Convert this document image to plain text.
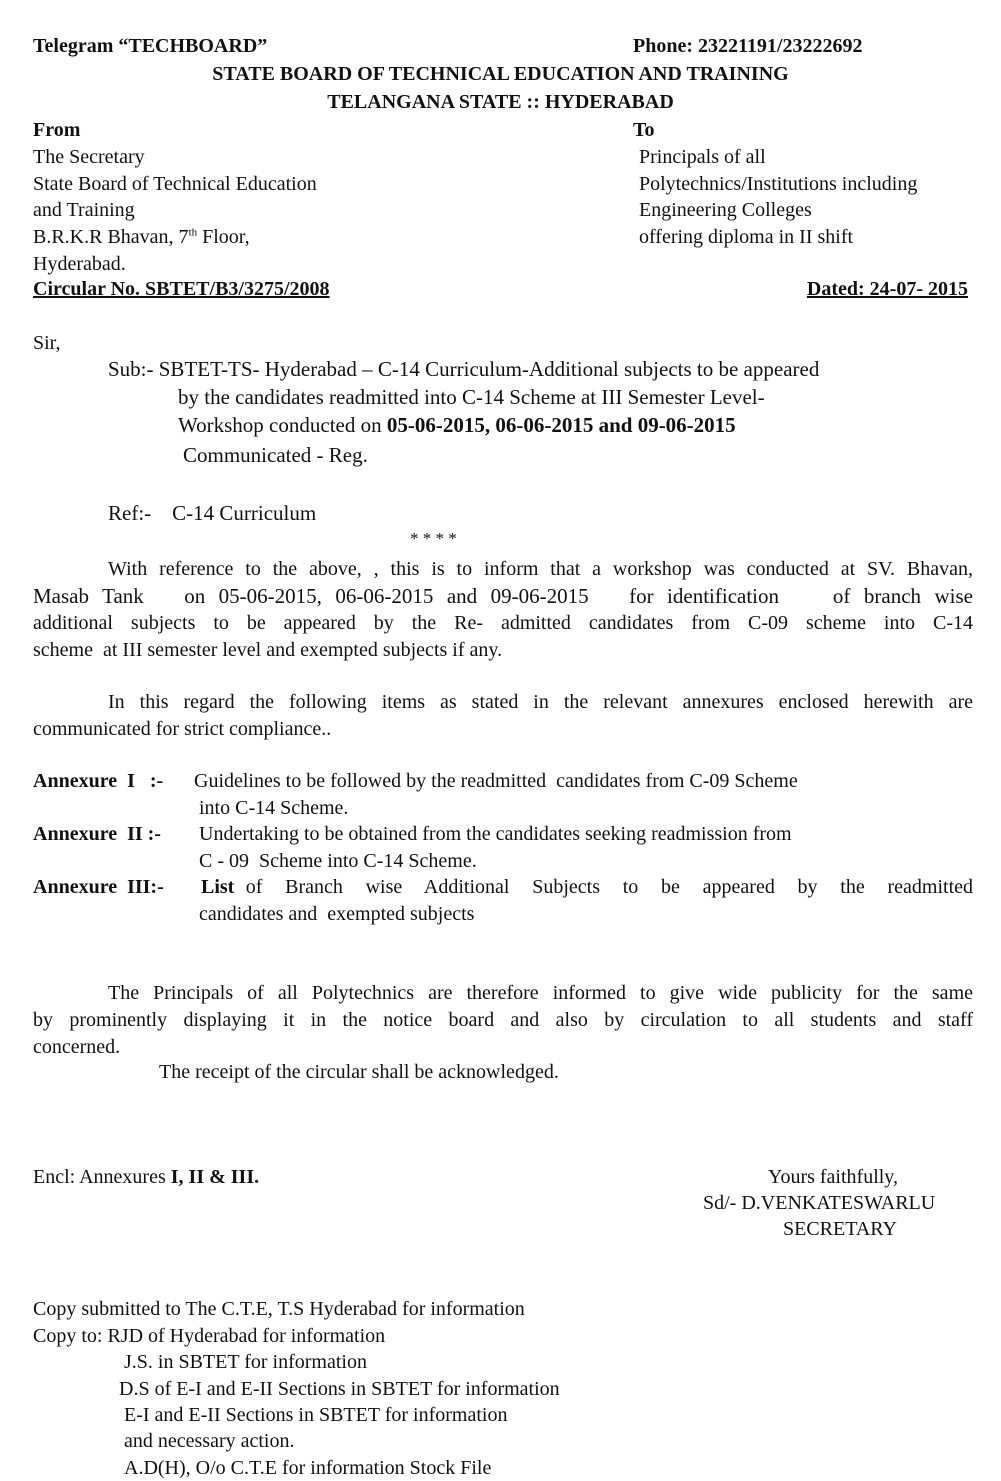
Telegram “TECHBOARD”	Phone: 23221191/23222692
STATE BOARD OF TECHNICAL EDUCATION AND TRAINING
TELANGANA STATE :: HYDERABAD
From
The Secretary
State Board of Technical Education
and Training
B.R.K.R Bhavan, 7th Floor,
Hyderabad.
To
Principals of all
Polytechnics/Institutions including
Engineering Colleges
offering diploma in II shift
Circular No. SBTET/B3/3275/2008	Dated: 24-07- 2015
Sir,
Sub:- SBTET-TS- Hyderabad – C-14 Curriculum-Additional subjects to be appeared
by the candidates readmitted into C-14 Scheme at III Semester Level-
Workshop conducted on 05-06-2015, 06-06-2015 and 09-06-2015
Communicated - Reg.
Ref:-    C-14 Curriculum
* * * *
With reference to the above, , this is to inform that a workshop was conducted at SV. Bhavan,
Masab Tank   on 05-06-2015, 06-06-2015 and 09-06-2015   for identification    of branch wise
additional subjects to be appeared by the Re- admitted candidates from C-09 scheme into C-14
scheme  at III semester level and exempted subjects if any.
In this regard the following items as stated in the relevant annexures enclosed herewith are
communicated for strict compliance..
Annexure  I   :- Guidelines to be followed by the readmitted  candidates from C-09 Scheme
into C-14 Scheme.
Annexure  II :- Undertaking to be obtained from the candidates seeking readmission from
C - 09  Scheme into C-14 Scheme.
Annexure  III:- List of  Branch  wise  Additional  Subjects  to  be  appeared  by  the  readmitted
candidates and  exempted subjects
The Principals of all Polytechnics are therefore informed to give wide publicity for the same
by prominently displaying it in the notice board and also by circulation to all students and staff
concerned.
The receipt of the circular shall be acknowledged.
Encl: Annexures I, II & III.	Yours faithfully,
Sd/- D.VENKATESWARLU
SECRETARY
Copy submitted to The C.T.E, T.S Hyderabad for information
Copy to: RJD of Hyderabad for information
J.S. in SBTET for information
D.S of E-I and E-II Sections in SBTET for information
E-I and E-II Sections in SBTET for information
and necessary action.
A.D(H), O/o C.T.E for information Stock File
